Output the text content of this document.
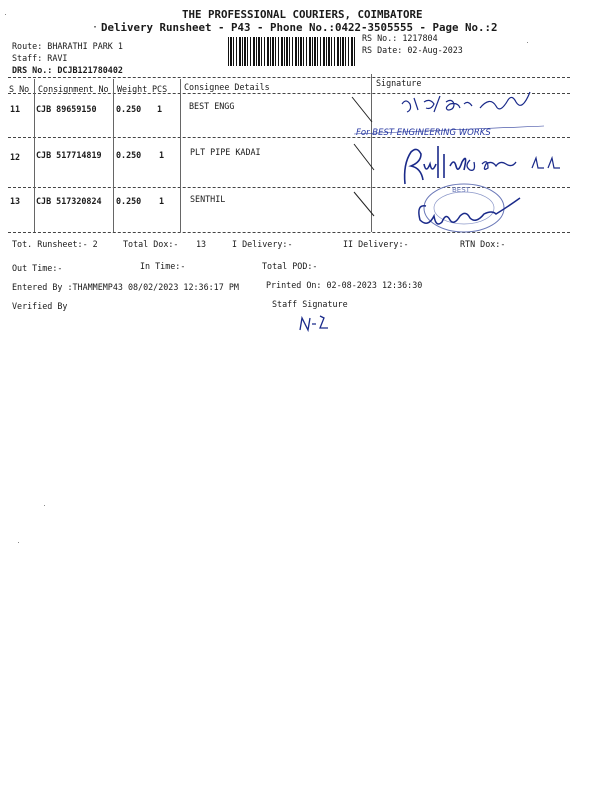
THE PROFESSIONAL COURIERS, COIMBATORE
· Delivery Runsheet - P43 - Phone No.:0422-3505555 - Page No.:2
Route: BHARATHI PARK 1
Staff: RAVI
DRS No.: DCJB121780402
RS No.: 1217804
RS Date: 02-Aug-2023
S No Consignment No Weight PCS Consignee Details	Signature
11 CJB 89659150 0.250 1	BEST ENGG
12 CJB 517714819 0.250 1	PLT PIPE KADAI
13 CJB 517320824 0.250 1	SENTHIL
For BEST ENGINEERING WORKS
BEST
Tot. Runsheet:- 2	Total Dox:- 13	I Delivery:-	II Delivery:-	RTN Dox:-
Out Time:-	In Time:-	Total POD:-
Entered By :THAMMEMP43 08/02/2023 12:36:17 PM	Printed On: 02-08-2023 12:36:30
Verified By	Staff Signature
